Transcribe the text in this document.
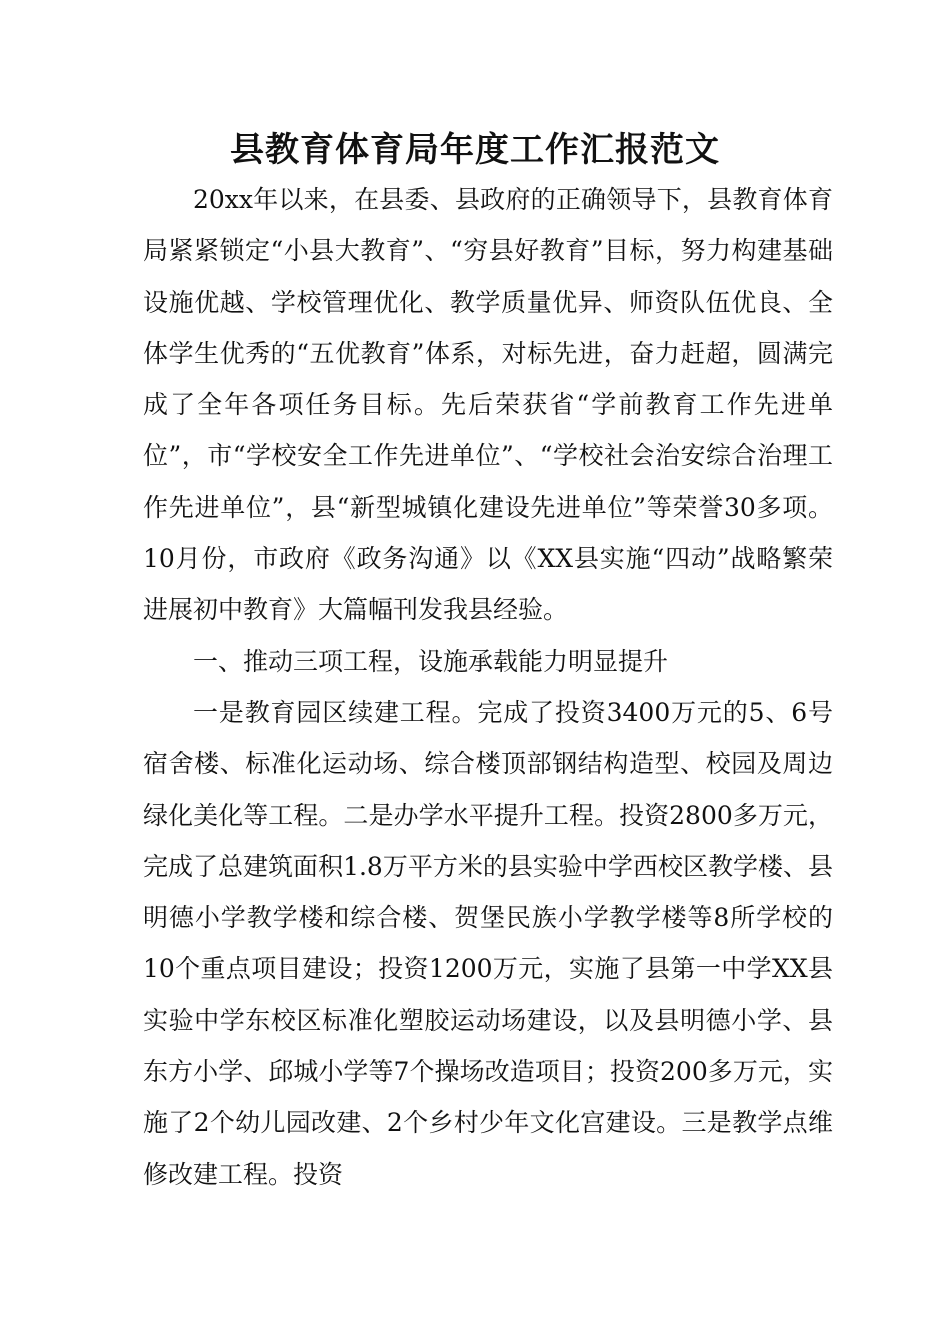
县教育体育局年度工作汇报范文

20xx年以来，在县委、县政府的正确领导下，县教育体育局紧紧锁定“小县大教育”、“穷县好教育”目标，努力构建基础设施优越、学校管理优化、教学质量优异、师资队伍优良、全体学生优秀的“五优教育”体系，对标先进，奋力赶超，圆满完成了全年各项任务目标。先后荣获省“学前教育工作先进单位”，市“学校安全工作先进单位”、“学校社会治安综合治理工作先进单位”，县“新型城镇化建设先进单位”等荣誉30多项。10月份，市政府《政务沟通》以《XX县实施“四动”战略繁荣进展初中教育》大篇幅刊发我县经验。

一、推动三项工程，设施承载能力明显提升

一是教育园区续建工程。完成了投资3400万元的5、6号宿舍楼、标准化运动场、综合楼顶部钢结构造型、校园及周边绿化美化等工程。二是办学水平提升工程。投资2800多万元，完成了总建筑面积1.8万平方米的县实验中学西校区教学楼、县明德小学教学楼和综合楼、贺堡民族小学教学楼等8所学校的10个重点项目建设；投资1200万元，实施了县第一中学XX县实验中学东校区标准化塑胶运动场建设，以及县明德小学、县东方小学、邱城小学等7个操场改造项目；投资200多万元，实施了2个幼儿园改建、2个乡村少年文化宫建设。三是教学点维修改建工程。投资
